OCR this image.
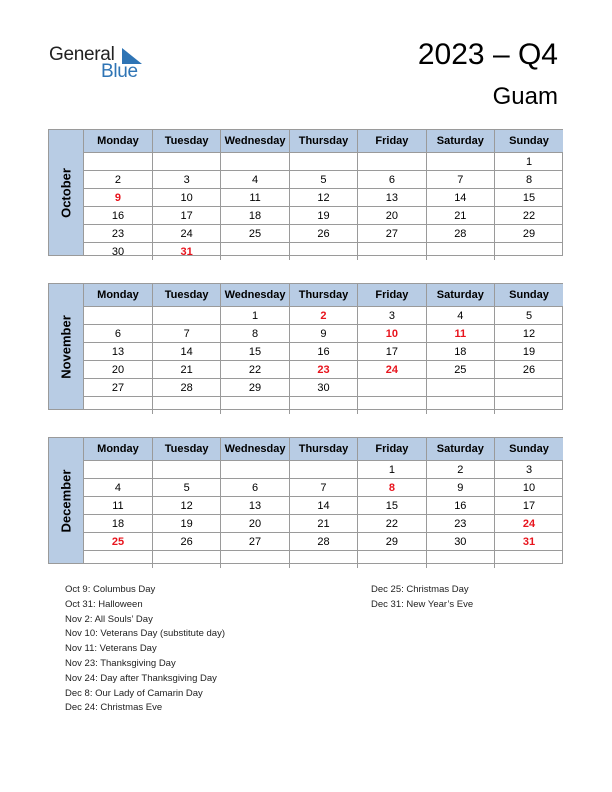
General
Blue
2023 – Q4
Guam
October
Monday	Tuesday	Wednesday	Thursday	Friday	Saturday	Sunday
						1
2	3	4	5	6	7	8
9	10	11	12	13	14	15
16	17	18	19	20	21	22
23	24	25	26	27	28	29
30	31					
November
Monday	Tuesday	Wednesday	Thursday	Friday	Saturday	Sunday
		1	2	3	4	5
6	7	8	9	10	11	12
13	14	15	16	17	18	19
20	21	22	23	24	25	26
27	28	29	30			

December
Monday	Tuesday	Wednesday	Thursday	Friday	Saturday	Sunday
				1	2	3
4	5	6	7	8	9	10
11	12	13	14	15	16	17
18	19	20	21	22	23	24
25	26	27	28	29	30	31

Oct 9: Columbus Day
Oct 31: Halloween
Nov 2: All Souls’ Day
Nov 10: Veterans Day (substitute day)
Nov 11: Veterans Day
Nov 23: Thanksgiving Day
Nov 24: Day after Thanksgiving Day
Dec 8: Our Lady of Camarin Day
Dec 24: Christmas Eve
Dec 25: Christmas Day
Dec 31: New Year’s Eve
